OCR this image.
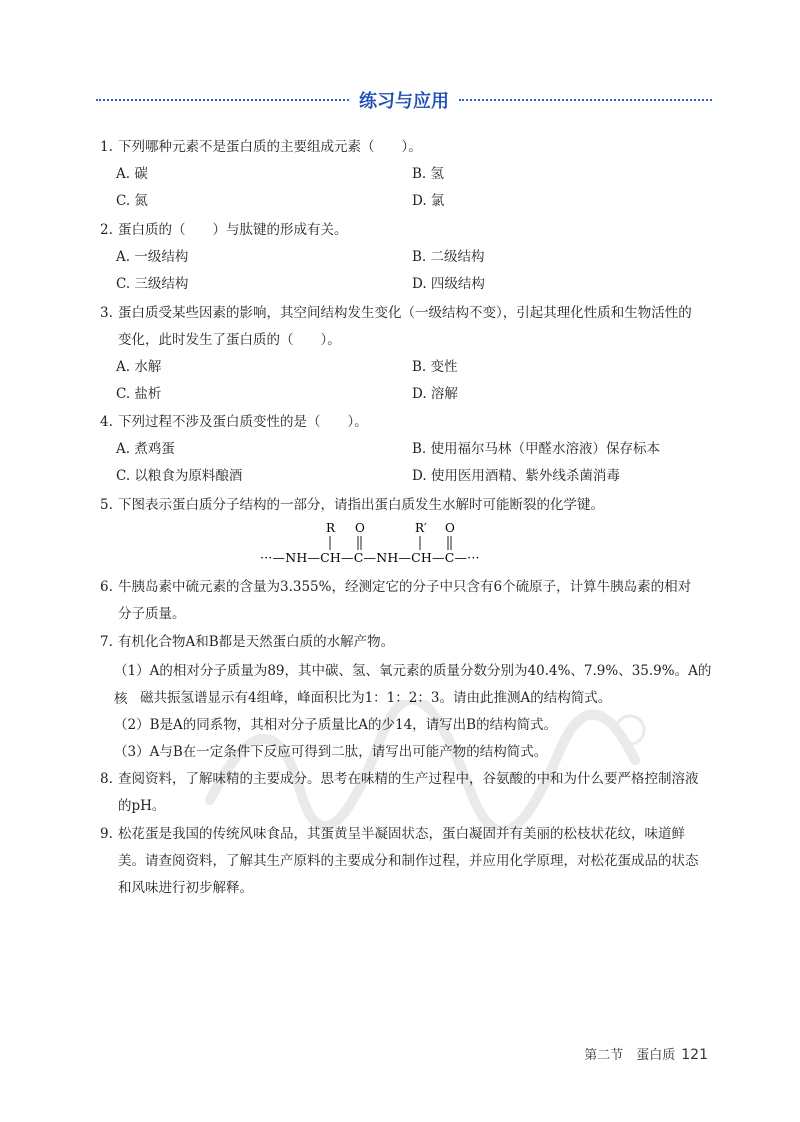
练习与应用
1. 下列哪种元素不是蛋白质的主要组成元素（　　）。
A. 碳	B. 氢
C. 氮	D. 氯
2. 蛋白质的（　　）与肽键的形成有关。
A. 一级结构	B. 二级结构
C. 三级结构	D. 四级结构
3. 蛋白质受某些因素的影响，其空间结构发生变化（一级结构不变），引起其理化性质和生物活性的
变化，此时发生了蛋白质的（　　）。
A. 水解	B. 变性
C. 盐析	D. 溶解
4. 下列过程不涉及蛋白质变性的是（　　）。
A. 煮鸡蛋	B. 使用福尔马林（甲醛水溶液）保存标本
C. 以粮食为原料酿酒	D. 使用医用酒精、紫外线杀菌消毒
5. 下图表示蛋白质分子结构的一部分，请指出蛋白质发生水解时可能断裂的化学键。
R O	R′ O
···—NH—CH—C—NH—CH—C—···
6. 牛胰岛素中硫元素的含量为3.355%，经测定它的分子中只含有6个硫原子，计算牛胰岛素的相对
分子质量。
7. 有机化合物A和B都是天然蛋白质的水解产物。
（1）A的相对分子质量为89，其中碳、氢、氧元素的质量分数分别为40.4%、7.9%、35.9%。A的核 磁共振氢谱显示有4组峰，峰面积比为1：1：2：3。请由此推测A的结构简式。
（2）B是A的同系物，其相对分子质量比A的少14，请写出B的结构简式。
（3）A与B在一定条件下反应可得到二肽，请写出可能产物的结构简式。
8. 查阅资料，了解味精的主要成分。思考在味精的生产过程中，谷氨酸的中和为什么要严格控制溶液
的pH。
9. 松花蛋是我国的传统风味食品，其蛋黄呈半凝固状态，蛋白凝固并有美丽的松枝状花纹，味道鲜
美。请查阅资料，了解其生产原料的主要成分和制作过程，并应用化学原理，对松花蛋成品的状态
和风味进行初步解释。
第二节　蛋白质 121
